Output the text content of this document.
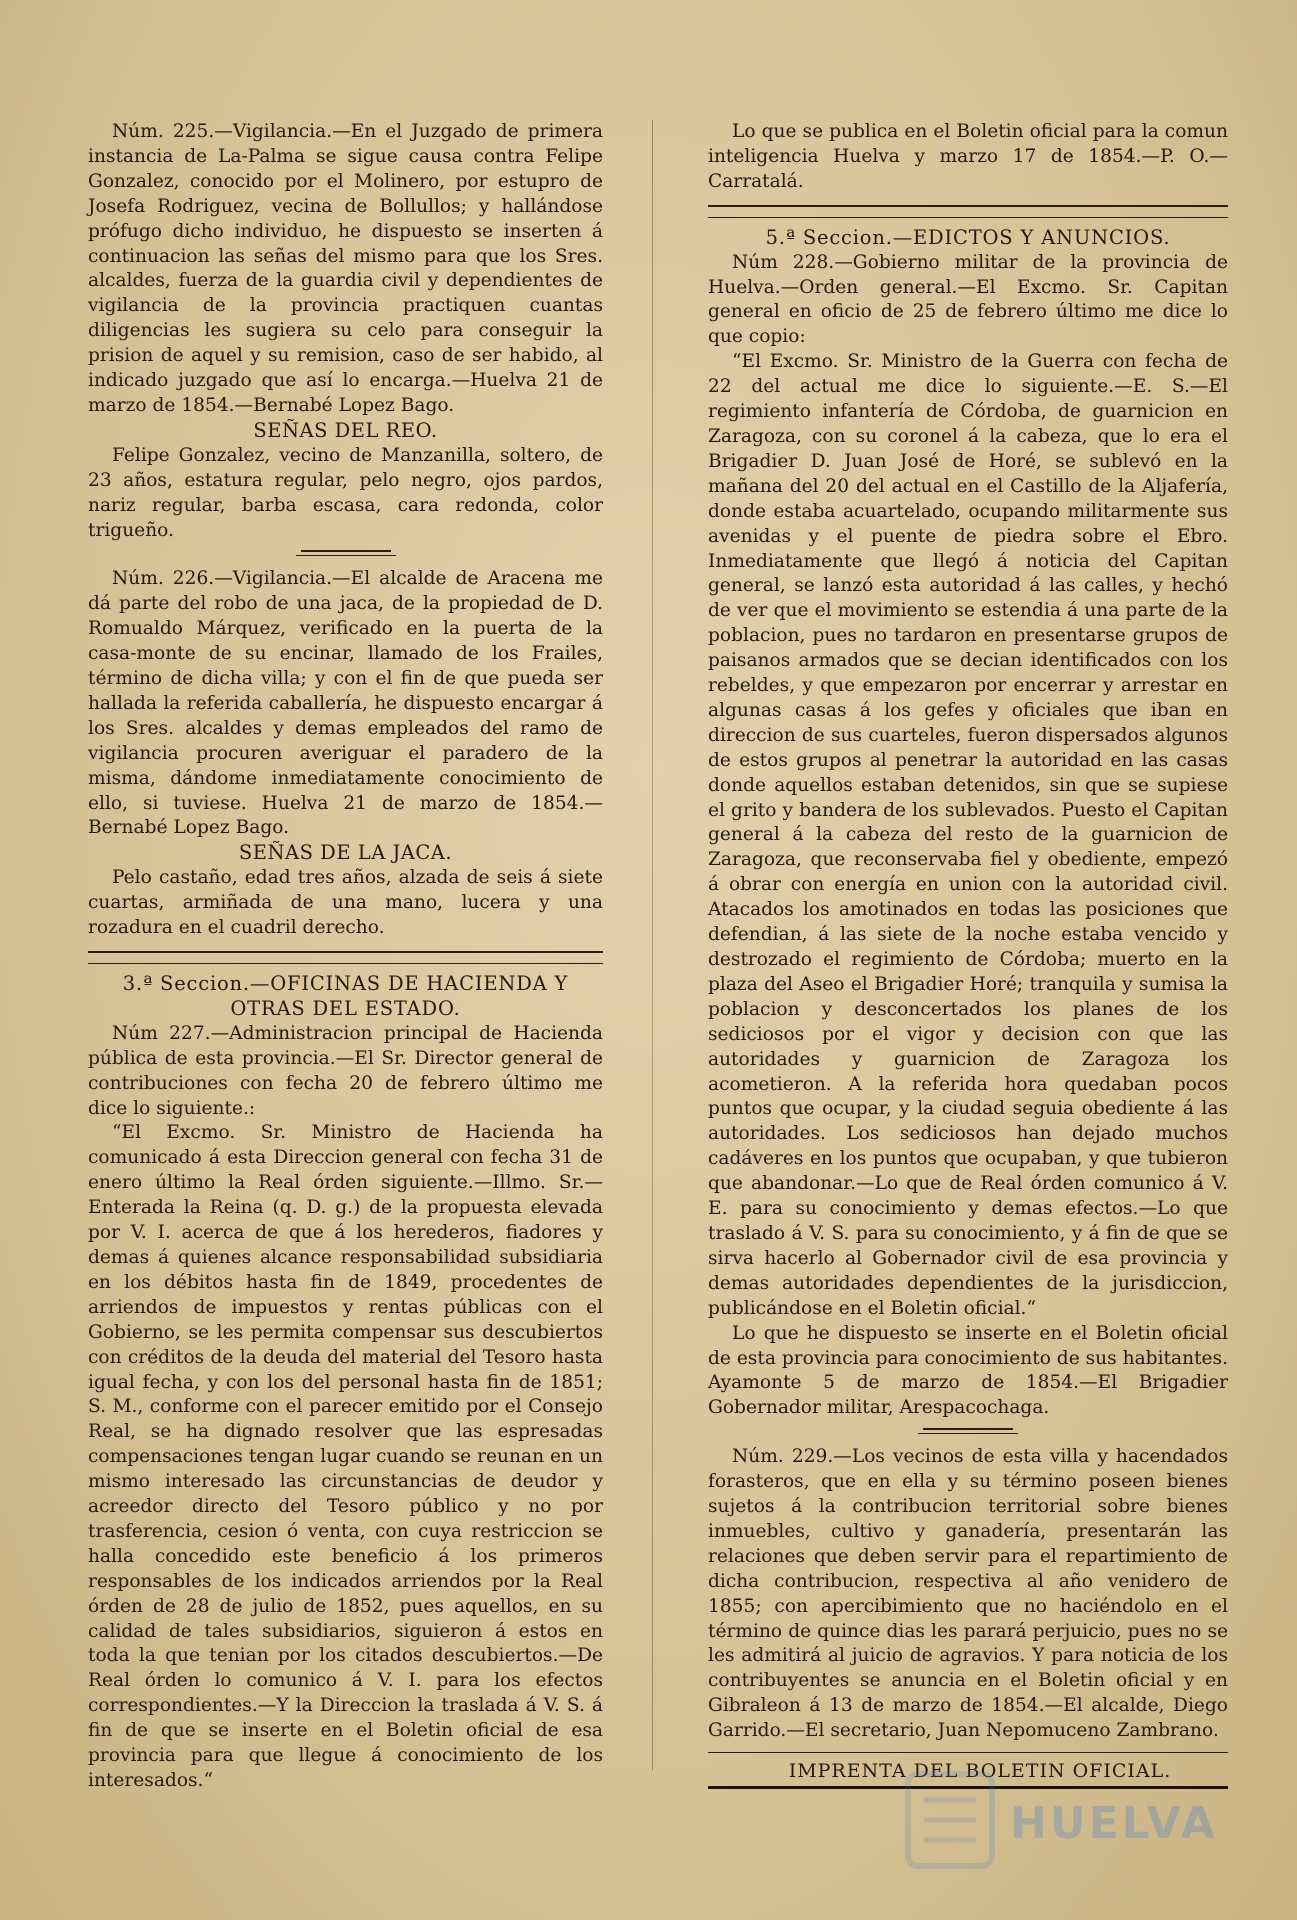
Núm. 225.—Vigilancia.—En el Juzgado de primera instancia de La-Palma se sigue causa contra Felipe Gonzalez, conocido por el Molinero, por estupro de Josefa Rodriguez, vecina de Bollullos; y hallándose prófugo dicho individuo, he dispuesto se inserten á continuacion las señas del mismo para que los Sres. alcaldes, fuerza de la guardia civil y dependientes de vigilancia de la provincia practiquen cuantas diligencias les sugiera su celo para conseguir la prision de aquel y su remision, caso de ser habido, al indicado juzgado que así lo encarga.—Huelva 21 de marzo de 1854.—Bernabé Lopez Bago.

SEÑAS DEL REO.

Felipe Gonzalez, vecino de Manzanilla, soltero, de 23 años, estatura regular, pelo negro, ojos pardos, nariz regular, barba escasa, cara redonda, color trigueño.

Núm. 226.—Vigilancia.—El alcalde de Aracena me dá parte del robo de una jaca, de la propiedad de D. Romualdo Márquez, verificado en la puerta de la casa-monte de su encinar, llamado de los Frailes, término de dicha villa; y con el fin de que pueda ser hallada la referida caballería, he dispuesto encargar á los Sres. alcaldes y demas empleados del ramo de vigilancia procuren averiguar el paradero de la misma, dándome inmediatamente conocimiento de ello, si tuviese. Huelva 21 de marzo de 1854.—Bernabé Lopez Bago.

SEÑAS DE LA JACA.

Pelo castaño, edad tres años, alzada de seis á siete cuartas, armiñada de una mano, lucera y una rozadura en el cuadril derecho.

3.ª Seccion.—OFICINAS DE HACIENDA Y OTRAS DEL ESTADO.

Núm 227.—Administracion principal de Hacienda pública de esta provincia.—El Sr. Director general de contribuciones con fecha 20 de febrero último me dice lo siguiente.:

“El Excmo. Sr. Ministro de Hacienda ha comunicado á esta Direccion general con fecha 31 de enero último la Real órden siguiente.—Illmo. Sr.—Enterada la Reina (q. D. g.) de la propuesta elevada por V. I. acerca de que á los herederos, fiadores y demas á quienes alcance responsabilidad subsidiaria en los débitos hasta fin de 1849, procedentes de arriendos de impuestos y rentas públicas con el Gobierno, se les permita compensar sus descubiertos con créditos de la deuda del material del Tesoro hasta igual fecha, y con los del personal hasta fin de 1851; S. M., conforme con el parecer emitido por el Consejo Real, se ha dignado resolver que las espresadas compensaciones tengan lugar cuando se reunan en un mismo interesado las circunstancias de deudor y acreedor directo del Tesoro público y no por trasferencia, cesion ó venta, con cuya restriccion se halla concedido este beneficio á los primeros responsables de los indicados arriendos por la Real órden de 28 de julio de 1852, pues aquellos, en su calidad de tales subsidiarios, siguieron á estos en toda la que tenian por los citados descubiertos.—De Real órden lo comunico á V. I. para los efectos correspondientes.—Y la Direccion la traslada á V. S. á fin de que se inserte en el Boletin oficial de esa provincia para que llegue á conocimiento de los interesados.“

Lo que se publica en el Boletin oficial para la comun inteligencia Huelva y marzo 17 de 1854.—P. O.—Carratalá.

5.ª Seccion.—EDICTOS Y ANUNCIOS.

Núm 228.—Gobierno militar de la provincia de Huelva.—Orden general.—El Excmo. Sr. Capitan general en oficio de 25 de febrero último me dice lo que copio:

“El Excmo. Sr. Ministro de la Guerra con fecha de 22 del actual me dice lo siguiente.—E. S.—El regimiento infantería de Córdoba, de guarnicion en Zaragoza, con su coronel á la cabeza, que lo era el Brigadier D. Juan José de Horé, se sublevó en la mañana del 20 del actual en el Castillo de la Aljafería, donde estaba acuartelado, ocupando militarmente sus avenidas y el puente de piedra sobre el Ebro. Inmediatamente que llegó á noticia del Capitan general, se lanzó esta autoridad á las calles, y hechó de ver que el movimiento se estendia á una parte de la poblacion, pues no tardaron en presentarse grupos de paisanos armados que se decian identificados con los rebeldes, y que empezaron por encerrar y arrestar en algunas casas á los gefes y oficiales que iban en direccion de sus cuarteles, fueron dispersados algunos de estos grupos al penetrar la autoridad en las casas donde aquellos estaban detenidos, sin que se supiese el grito y bandera de los sublevados. Puesto el Capitan general á la cabeza del resto de la guarnicion de Zaragoza, que reconservaba fiel y obediente, empezó á obrar con energía en union con la autoridad civil. Atacados los amotinados en todas las posiciones que defendian, á las siete de la noche estaba vencido y destrozado el regimiento de Córdoba; muerto en la plaza del Aseo el Brigadier Horé; tranquila y sumisa la poblacion y desconcertados los planes de los sediciosos por el vigor y decision con que las autoridades y guarnicion de Zaragoza los acometieron. A la referida hora quedaban pocos puntos que ocupar, y la ciudad seguia obediente á las autoridades. Los sediciosos han dejado muchos cadáveres en los puntos que ocupaban, y que tubieron que abandonar.—Lo que de Real órden comunico á V. E. para su conocimiento y demas efectos.—Lo que traslado á V. S. para su conocimiento, y á fin de que se sirva hacerlo al Gobernador civil de esa provincia y demas autoridades dependientes de la jurisdiccion, publicándose en el Boletin oficial.“

Lo que he dispuesto se inserte en el Boletin oficial de esta provincia para conocimiento de sus habitantes. Ayamonte 5 de marzo de 1854.—El Brigadier Gobernador militar, Arespacochaga.

Núm. 229.—Los vecinos de esta villa y hacendados forasteros, que en ella y su término poseen bienes sujetos á la contribucion territorial sobre bienes inmuebles, cultivo y ganadería, presentarán las relaciones que deben servir para el repartimiento de dicha contribucion, respectiva al año venidero de 1855; con apercibimiento que no haciéndolo en el término de quince dias les parará perjuicio, pues no se les admitirá al juicio de agravios. Y para noticia de los contribuyentes se anuncia en el Boletin oficial y en Gibraleon á 13 de marzo de 1854.—El alcalde, Diego Garrido.—El secretario, Juan Nepomuceno Zambrano.

IMPRENTA DEL BOLETIN OFICIAL.

HUELVA
